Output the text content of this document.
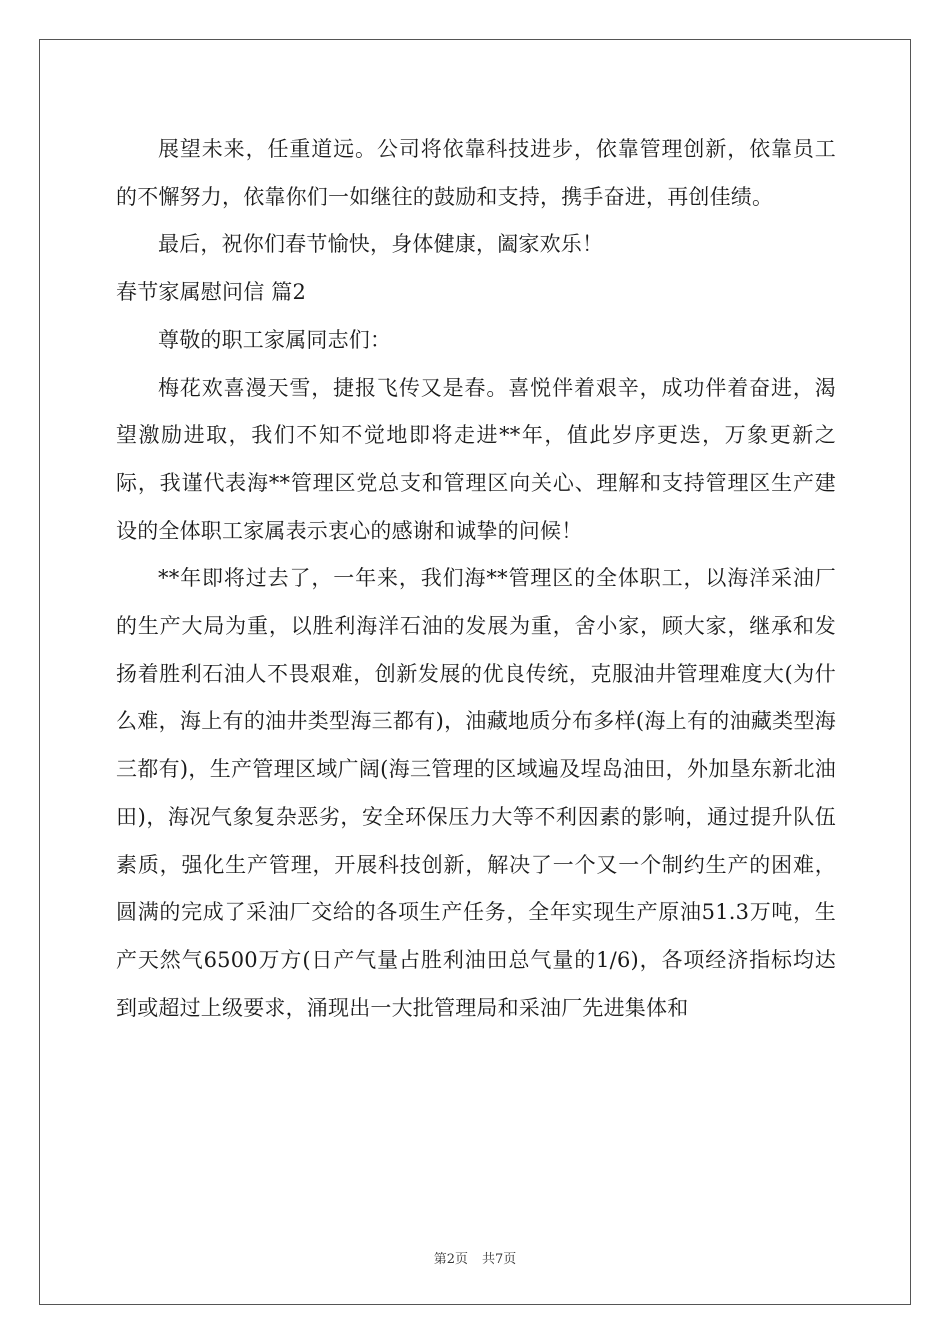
展望未来，任重道远。公司将依靠科技进步，依靠管理创新，依靠员工的不懈努力，依靠你们一如继往的鼓励和支持，携手奋进，再创佳绩。

最后，祝你们春节愉快，身体健康，阖家欢乐！

春节家属慰问信 篇2

尊敬的职工家属同志们：

梅花欢喜漫天雪，捷报飞传又是春。喜悦伴着艰辛，成功伴着奋进，渴望激励进取，我们不知不觉地即将走进**年，值此岁序更迭，万象更新之际，我谨代表海**管理区党总支和管理区向关心、理解和支持管理区生产建设的全体职工家属表示衷心的感谢和诚挚的问候！

**年即将过去了，一年来，我们海**管理区的全体职工，以海洋采油厂的生产大局为重，以胜利海洋石油的发展为重，舍小家，顾大家，继承和发扬着胜利石油人不畏艰难，创新发展的优良传统，克服油井管理难度大(为什么难，海上有的油井类型海三都有)，油藏地质分布多样(海上有的油藏类型海三都有)，生产管理区域广阔(海三管理的区域遍及埕岛油田，外加垦东新北油田)，海况气象复杂恶劣，安全环保压力大等不利因素的影响，通过提升队伍素质，强化生产管理，开展科技创新，解决了一个又一个制约生产的困难，圆满的完成了采油厂交给的各项生产任务，全年实现生产原油51.3万吨，生产天然气6500万方(日产气量占胜利油田总气量的1/6)，各项经济指标均达到或超过上级要求，涌现出一大批管理局和采油厂先进集体和

第2页 共7页
